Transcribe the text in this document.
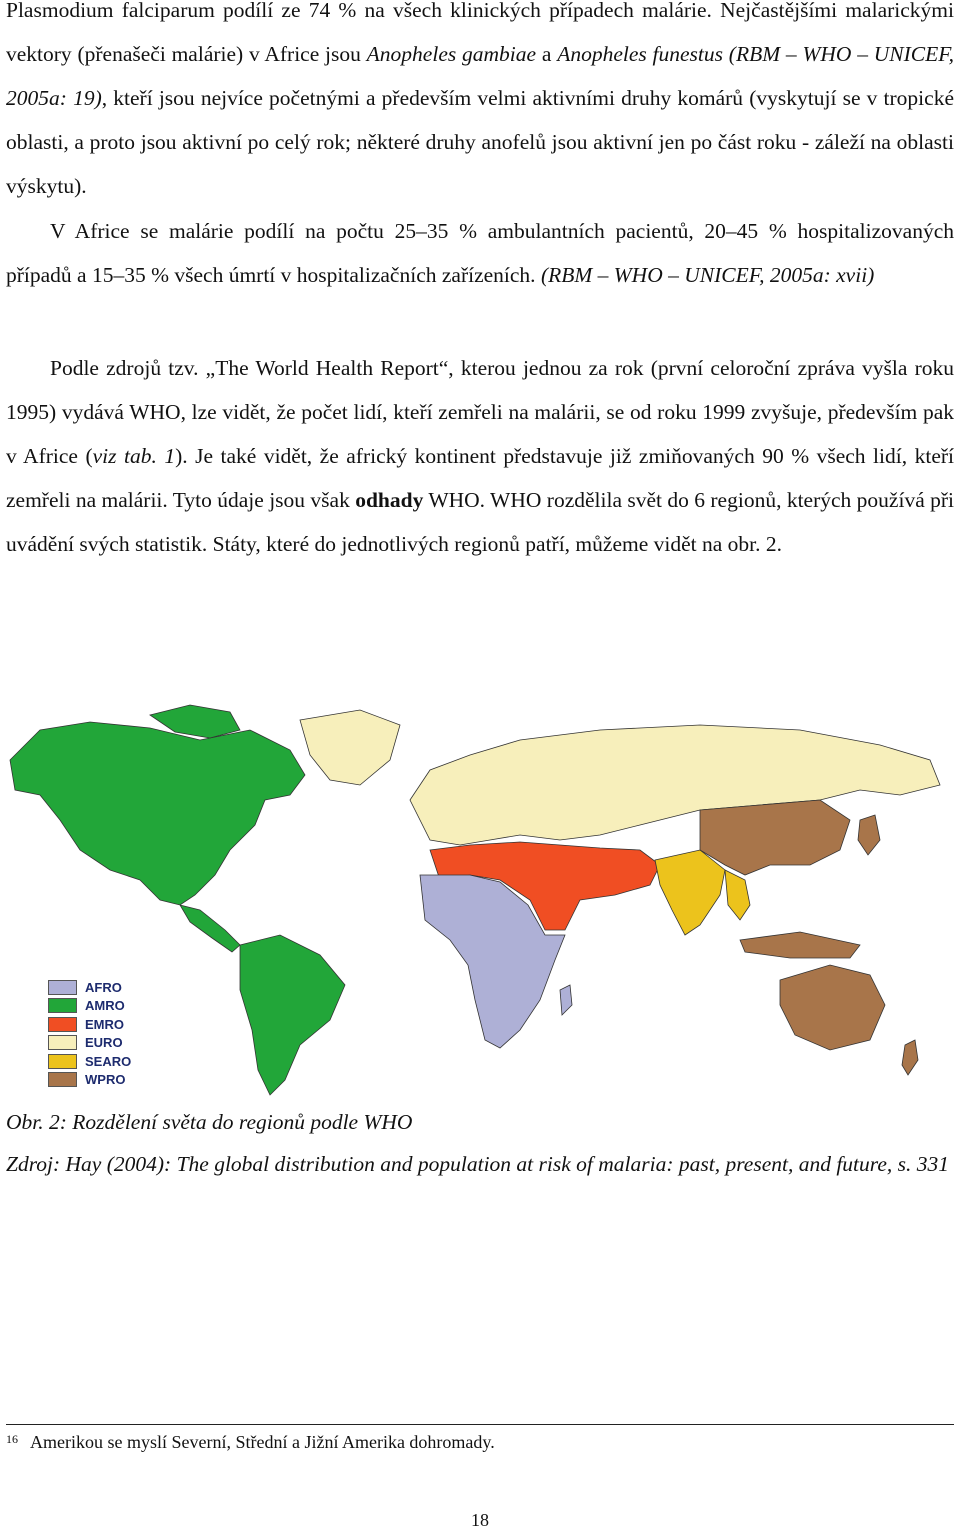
Plasmodium falciparum podílí ze 74 % na všech klinických případech malárie. Nejčastějšími malarickými vektory (přenašeči malárie) v Africe jsou Anopheles gambiae a Anopheles funestus (RBM – WHO – UNICEF, 2005a: 19), kteří jsou nejvíce početnými a především velmi aktivními druhy komárů (vyskytují se v tropické oblasti, a proto jsou aktivní po celý rok; některé druhy anofelů jsou aktivní jen po část roku - záleží na oblasti výskytu).

V Africe se malárie podílí na počtu 25–35 % ambulantních pacientů, 20–45 % hospitalizovaných případů a 15–35 % všech úmrtí v hospitalizačních zařízeních. (RBM – WHO – UNICEF, 2005a: xvii)

Podle zdrojů tzv. „The World Health Report“, kterou jednou za rok (první celoroční zpráva vyšla roku 1995) vydává WHO, lze vidět, že počet lidí, kteří zemřeli na malárii, se od roku 1999 zvyšuje, především pak v Africe (viz tab. 1). Je také vidět, že africký kontinent představuje již zmiňovaných 90 % všech lidí, kteří zemřeli na malárii. Tyto údaje jsou však odhady WHO. WHO rozdělila svět do 6 regionů, kterých používá při uvádění svých statistik. Státy, které do jednotlivých regionů patří, můžeme vidět na obr. 2.

AFRO
AMRO
EMRO
EURO
SEARO
WPRO

Obr. 2: Rozdělení světa do regionů podle WHO

Zdroj: Hay (2004): The global distribution and population at risk of malaria: past, present, and future, s. 331

$^{16}$ Amerikou se myslí Severní, Střední a Jižní Amerika dohromady.
18
